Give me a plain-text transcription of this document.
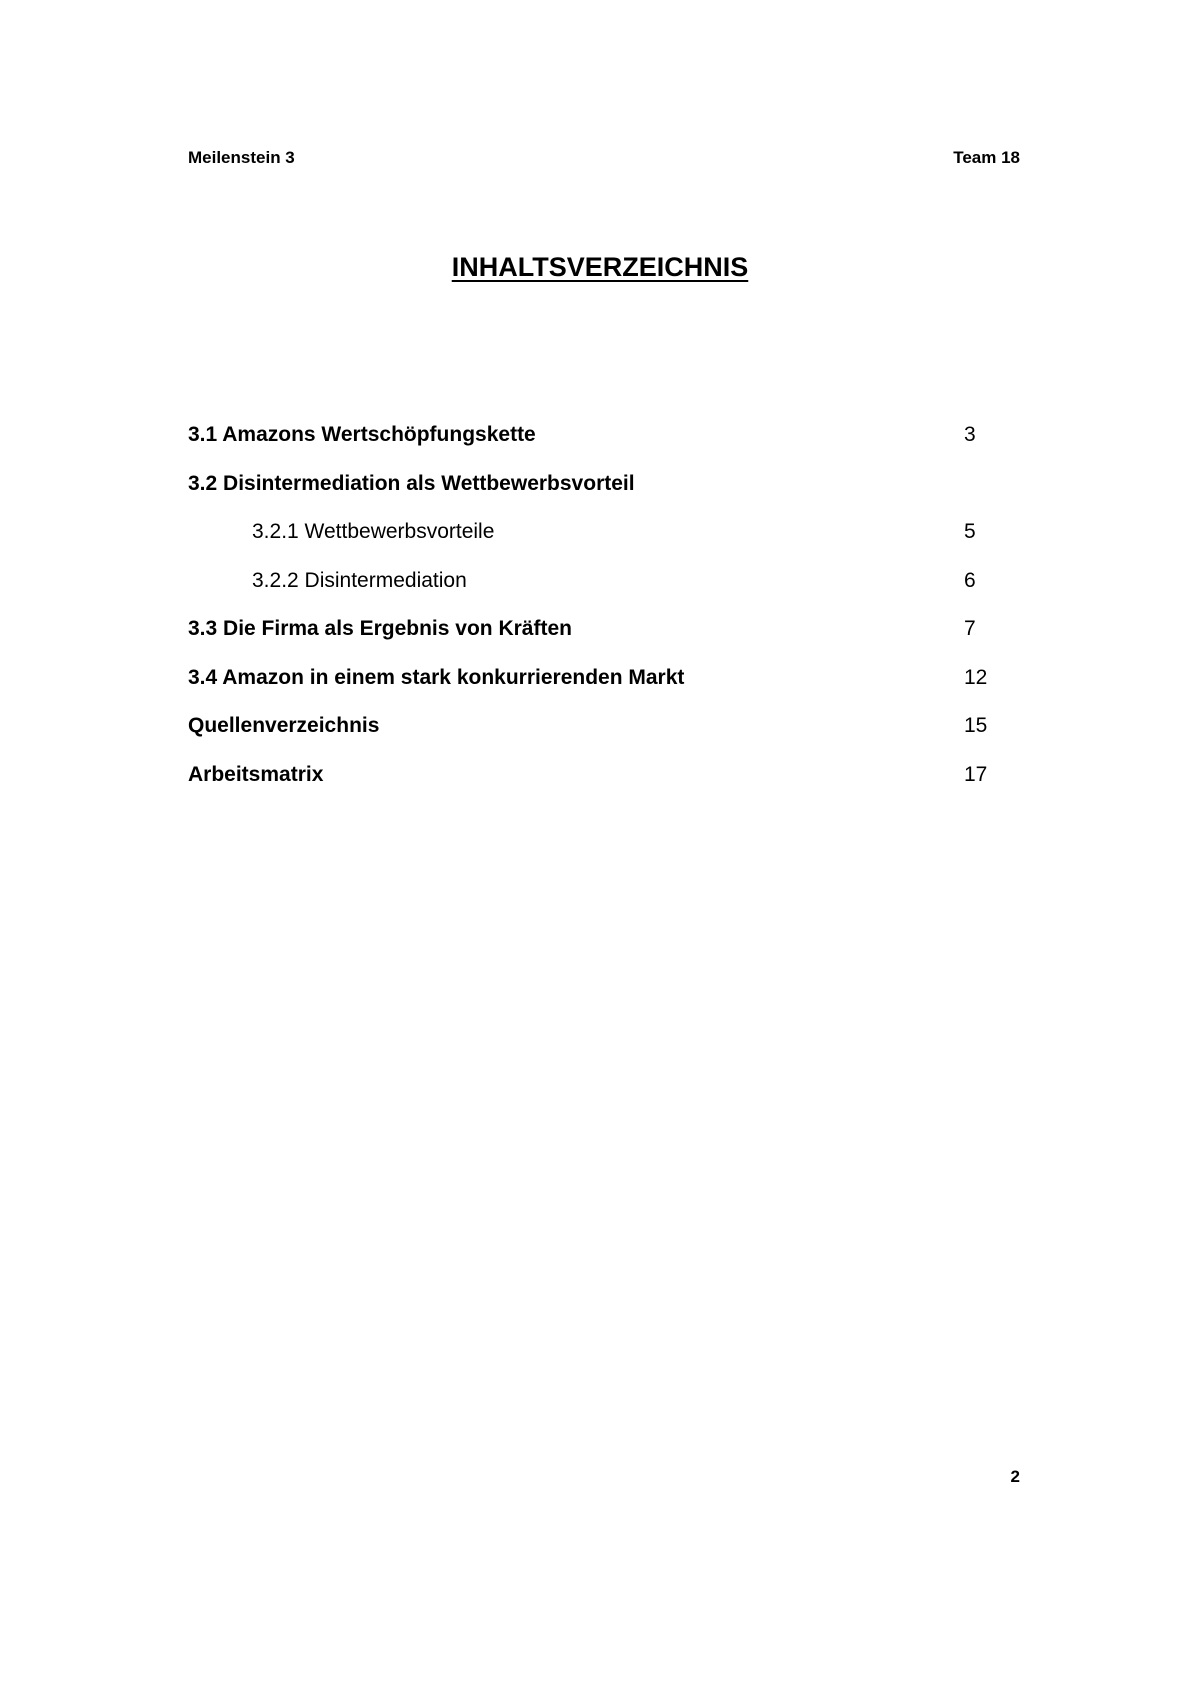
Meilenstein 3	Team 18
INHALTSVERZEICHNIS
3.1 Amazons Wertschöpfungskette	3
3.2 Disintermediation als Wettbewerbsvorteil
3.2.1 Wettbewerbsvorteile	5
3.2.2 Disintermediation	6
3.3 Die Firma als Ergebnis von Kräften	7
3.4 Amazon in einem stark konkurrierenden Markt	12
Quellenverzeichnis	15
Arbeitsmatrix	17
2
